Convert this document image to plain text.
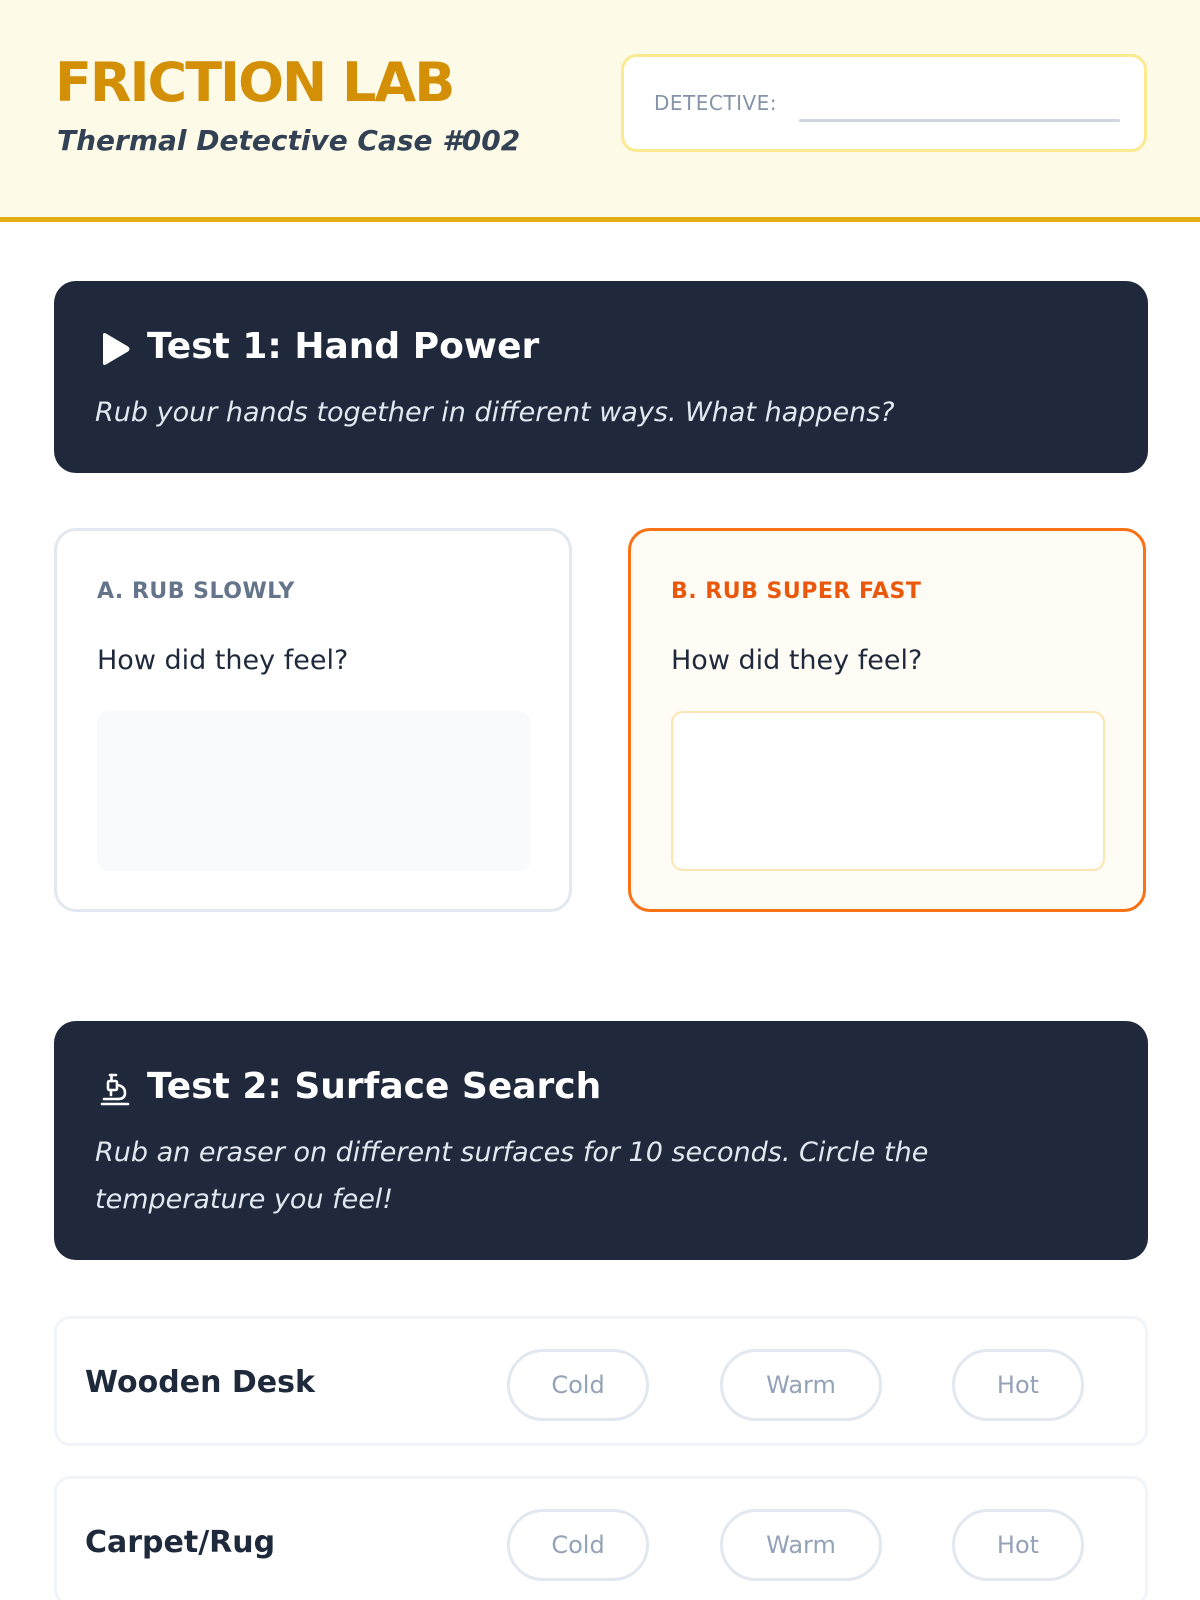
FRICTION LAB
Thermal Detective Case #002
DETECTIVE:
Test 1: Hand Power
Rub your hands together in different ways. What happens?
A. RUB SLOWLY
How did they feel?
B. RUB SUPER FAST
How did they feel?
Test 2: Surface Search
Rub an eraser on different surfaces for 10 seconds. Circle the temperature you feel!
Wooden Desk	Cold	Warm	Hot
Carpet/Rug	Cold	Warm	Hot
